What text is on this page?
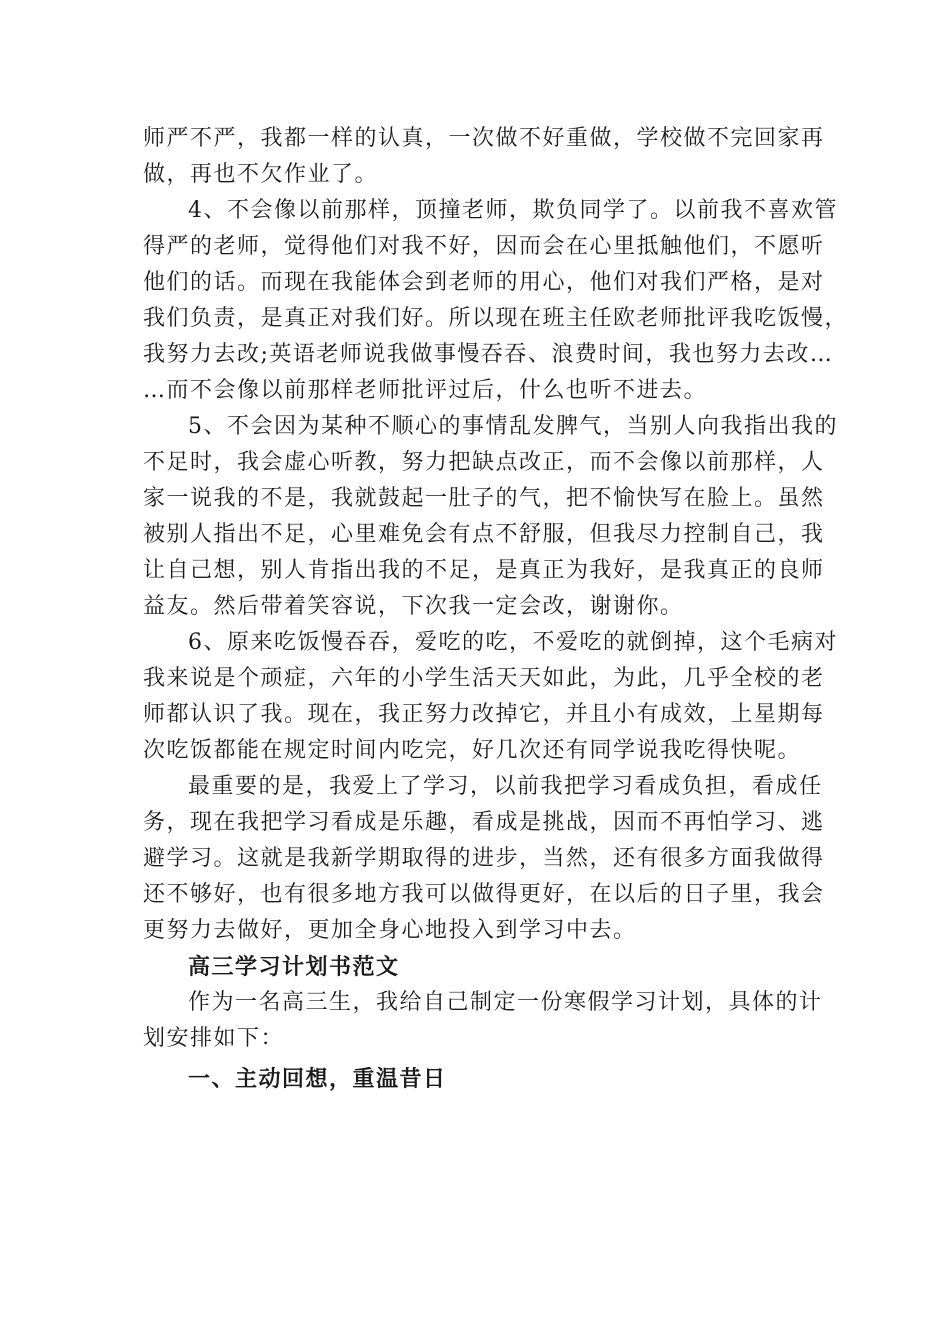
师严不严，我都一样的认真，一次做不好重做，学校做不完回家再
做，再也不欠作业了。
4、不会像以前那样，顶撞老师，欺负同学了。以前我不喜欢管
得严的老师，觉得他们对我不好，因而会在心里抵触他们，不愿听
他们的话。而现在我能体会到老师的用心，他们对我们严格，是对
我们负责，是真正对我们好。所以现在班主任欧老师批评我吃饭慢，
我努力去改;英语老师说我做事慢吞吞、浪费时间，我也努力去改…
…而不会像以前那样老师批评过后，什么也听不进去。
5、不会因为某种不顺心的事情乱发脾气，当别人向我指出我的
不足时，我会虚心听教，努力把缺点改正，而不会像以前那样，人
家一说我的不是，我就鼓起一肚子的气，把不愉快写在脸上。虽然
被别人指出不足，心里难免会有点不舒服，但我尽力控制自己，我
让自己想，别人肯指出我的不足，是真正为我好，是我真正的良师
益友。然后带着笑容说，下次我一定会改，谢谢你。
6、原来吃饭慢吞吞，爱吃的吃，不爱吃的就倒掉，这个毛病对
我来说是个顽症，六年的小学生活天天如此，为此，几乎全校的老
师都认识了我。现在，我正努力改掉它，并且小有成效，上星期每
次吃饭都能在规定时间内吃完，好几次还有同学说我吃得快呢。
最重要的是，我爱上了学习，以前我把学习看成负担，看成任
务，现在我把学习看成是乐趣，看成是挑战，因而不再怕学习、逃
避学习。这就是我新学期取得的进步，当然，还有很多方面我做得
还不够好，也有很多地方我可以做得更好，在以后的日子里，我会
更努力去做好，更加全身心地投入到学习中去。
高三学习计划书范文
作为一名高三生，我给自己制定一份寒假学习计划，具体的计
划安排如下：
一、主动回想，重温昔日
